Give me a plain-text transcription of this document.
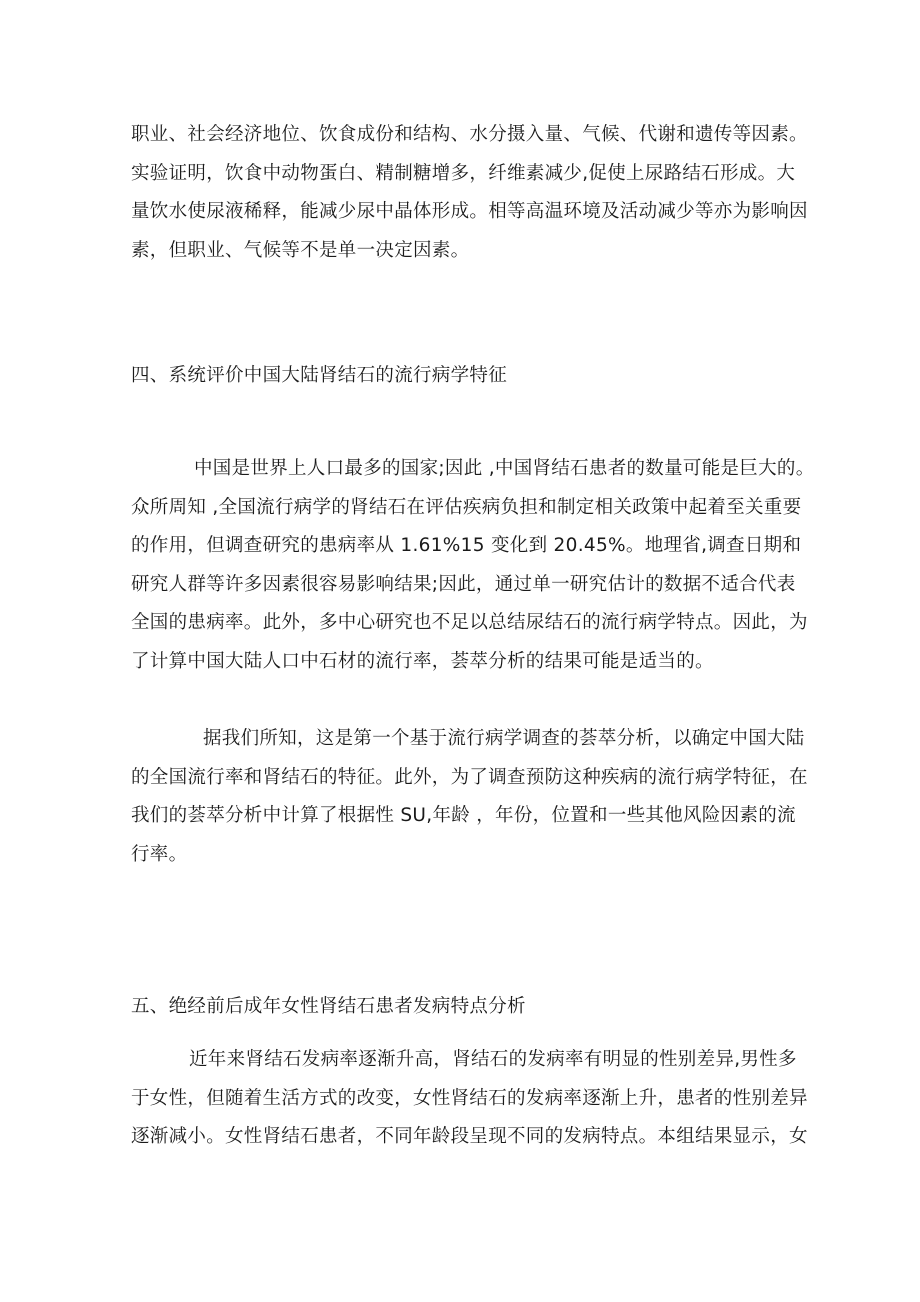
职业、社会经济地位、饮食成份和结构、水分摄入量、气候、代谢和遗传等因素。
实验证明，饮食中动物蛋白、精制糖增多，纤维素减少,促使上尿路结石形成。大
量饮水使尿液稀释，能减少尿中晶体形成。相等高温环境及活动减少等亦为影响因
素，但职业、气候等不是单一决定因素。
四、系统评价中国大陆肾结石的流行病学特征
中国是世界上人口最多的国家;因此 ,中国肾结石患者的数量可能是巨大的。
众所周知 ,全国流行病学的肾结石在评估疾病负担和制定相关政策中起着至关重要
的作用，但调查研究的患病率从 1.61%15 变化到 20.45%。地理省,调查日期和
研究人群等许多因素很容易影响结果;因此，通过单一研究估计的数据不适合代表
全国的患病率。此外，多中心研究也不足以总结尿结石的流行病学特点。因此，为
了计算中国大陆人口中石材的流行率，荟萃分析的结果可能是适当的。
据我们所知，这是第一个基于流行病学调查的荟萃分析，以确定中国大陆
的全国流行率和肾结石的特征。此外，为了调查预防这种疾病的流行病学特征，在
我们的荟萃分析中计算了根据性 SU,年龄 ，年份，位置和一些其他风险因素的流
行率。
五、绝经前后成年女性肾结石患者发病特点分析
近年来肾结石发病率逐渐升高，肾结石的发病率有明显的性别差异,男性多
于女性，但随着生活方式的改变，女性肾结石的发病率逐渐上升，患者的性别差异
逐渐减小。女性肾结石患者，不同年龄段呈现不同的发病特点。本组结果显示，女
